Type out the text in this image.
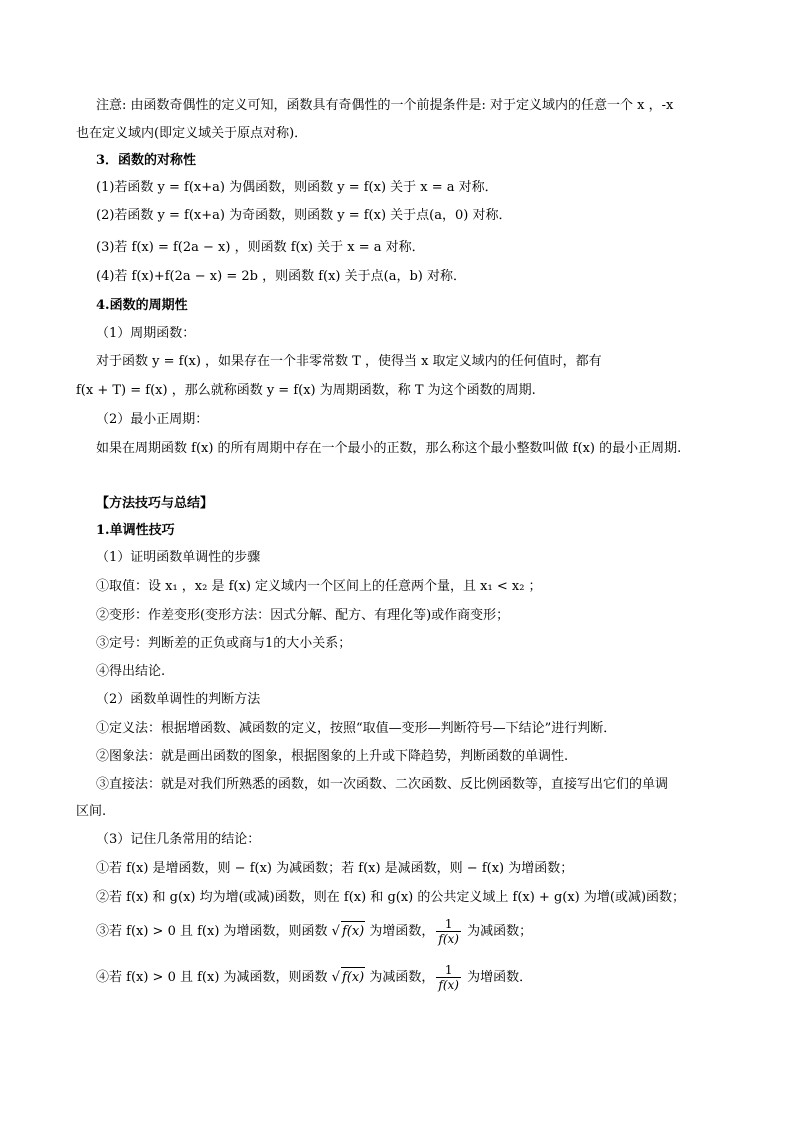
注意: 由函数奇偶性的定义可知，函数具有奇偶性的一个前提条件是: 对于定义域内的任意一个 x ，-x
也在定义域内(即定义域关于原点对称)．
3．函数的对称性
(1)若函数 y = f(x+a) 为偶函数，则函数 y = f(x) 关于 x = a 对称．
(2)若函数 y = f(x+a) 为奇函数，则函数 y = f(x) 关于点(a，0) 对称．
(3)若 f(x) = f(2a − x) ，则函数 f(x) 关于 x = a 对称．
(4)若 f(x)+f(2a − x) = 2b ，则函数 f(x) 关于点(a，b) 对称．
4.函数的周期性
（1）周期函数：
对于函数 y = f(x) ，如果存在一个非零常数 T ，使得当 x 取定义域内的任何值时，都有
f(x + T) = f(x) ，那么就称函数 y = f(x) 为周期函数，称 T 为这个函数的周期.
（2）最小正周期：
如果在周期函数 f(x) 的所有周期中存在一个最小的正数，那么称这个最小整数叫做 f(x) 的最小正周期.
【方法技巧与总结】
1.单调性技巧
（1）证明函数单调性的步骤
①取值：设 x₁ ，x₂ 是 f(x) 定义域内一个区间上的任意两个量，且 x₁ < x₂ ；
②变形：作差变形(变形方法：因式分解、配方、有理化等)或作商变形；
③定号：判断差的正负或商与1的大小关系；
④得出结论.
（2）函数单调性的判断方法
①定义法：根据增函数、减函数的定义，按照“取值—变形—判断符号—下结论”进行判断．
②图象法：就是画出函数的图象，根据图象的上升或下降趋势，判断函数的单调性.
③直接法：就是对我们所熟悉的函数，如一次函数、二次函数、反比例函数等，直接写出它们的单调
区间.
（3）记住几条常用的结论：
①若 f(x) 是增函数，则 − f(x) 为减函数；若 f(x) 是减函数，则 − f(x) 为增函数；
②若 f(x) 和 g(x) 均为增(或减)函数，则在 f(x) 和 g(x) 的公共定义域上 f(x) + g(x) 为增(或减)函数；
③若 f(x) > 0 且 f(x) 为增函数，则函数 √ f(x) 为增函数， $\frac{1}{f(x)}$ 为减函数；
④若 f(x) > 0 且 f(x) 为减函数，则函数 √ f(x) 为减函数， $\frac{1}{f(x)}$ 为增函数．
